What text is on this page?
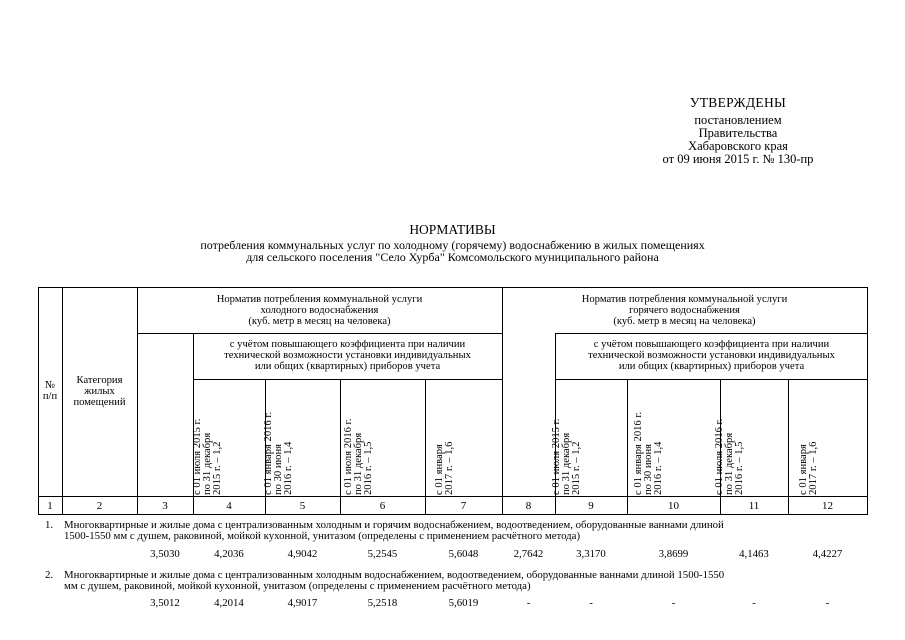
УТВЕРЖДЕНЫ
постановлением
Правительства
Хабаровского края
от 09 июня 2015 г. № 130-пр
НОРМАТИВЫ
потребления коммунальных услуг по холодному (горячему) водоснабжению в жилых помещениях
для сельского поселения "Село Хурба" Комсомольского муниципального района
№
п/п
Категория
жилых
помещений
Норматив потребления коммунальной услуги
холодного водоснабжения
(куб. метр в месяц на человека)
Норматив потребления коммунальной услуги
горячего водоснабжения
(куб. метр в месяц на человека)
с учётом повышающего коэффициента при наличии
технической возможности установки индивидуальных
или общих (квартирных) приборов учета
с учётом повышающего коэффициента при наличии
технической возможности установки индивидуальных
или общих (квартирных) приборов учета
с 01 июля 2015 г. по 31 декабря 2015 г. – 1,2	с 01 января 2016 г. по 30 июня 2016 г. – 1,4	с 01 июля 2016 г. по 31 декабря 2016 г. – 1,5	с 01 января 2017 г. – 1,6	с 01 июля 2015 г. по 31 декабря 2015 г. – 1,2	с 01 января 2016 г. по 30 июня 2016 г. – 1,4	с 01 июля 2016 г. по 31 декабря 2016 г. – 1,5	с 01 января 2017 г. – 1,6
1	2	3	4	5	6	7	8	9	10	11	12
1. Многоквартирные и жилые дома с централизованным холодным и горячим водоснабжением, водоотведением, оборудованные ваннами длиной
1500-1550 мм с душем, раковиной, мойкой кухонной, унитазом (определены с применением расчётного метода)
3,5030	4,2036	4,9042	5,2545	5,6048	2,7642	3,3170	3,8699	4,1463	4,4227
2. Многоквартирные и жилые дома с централизованным холодным водоснабжением, водоотведением, оборудованные ваннами длиной 1500-1550
мм с душем, раковиной, мойкой кухонной, унитазом (определены с применением расчётного метода)
3,5012	4,2014	4,9017	5,2518	5,6019	-	-	-	-	-
